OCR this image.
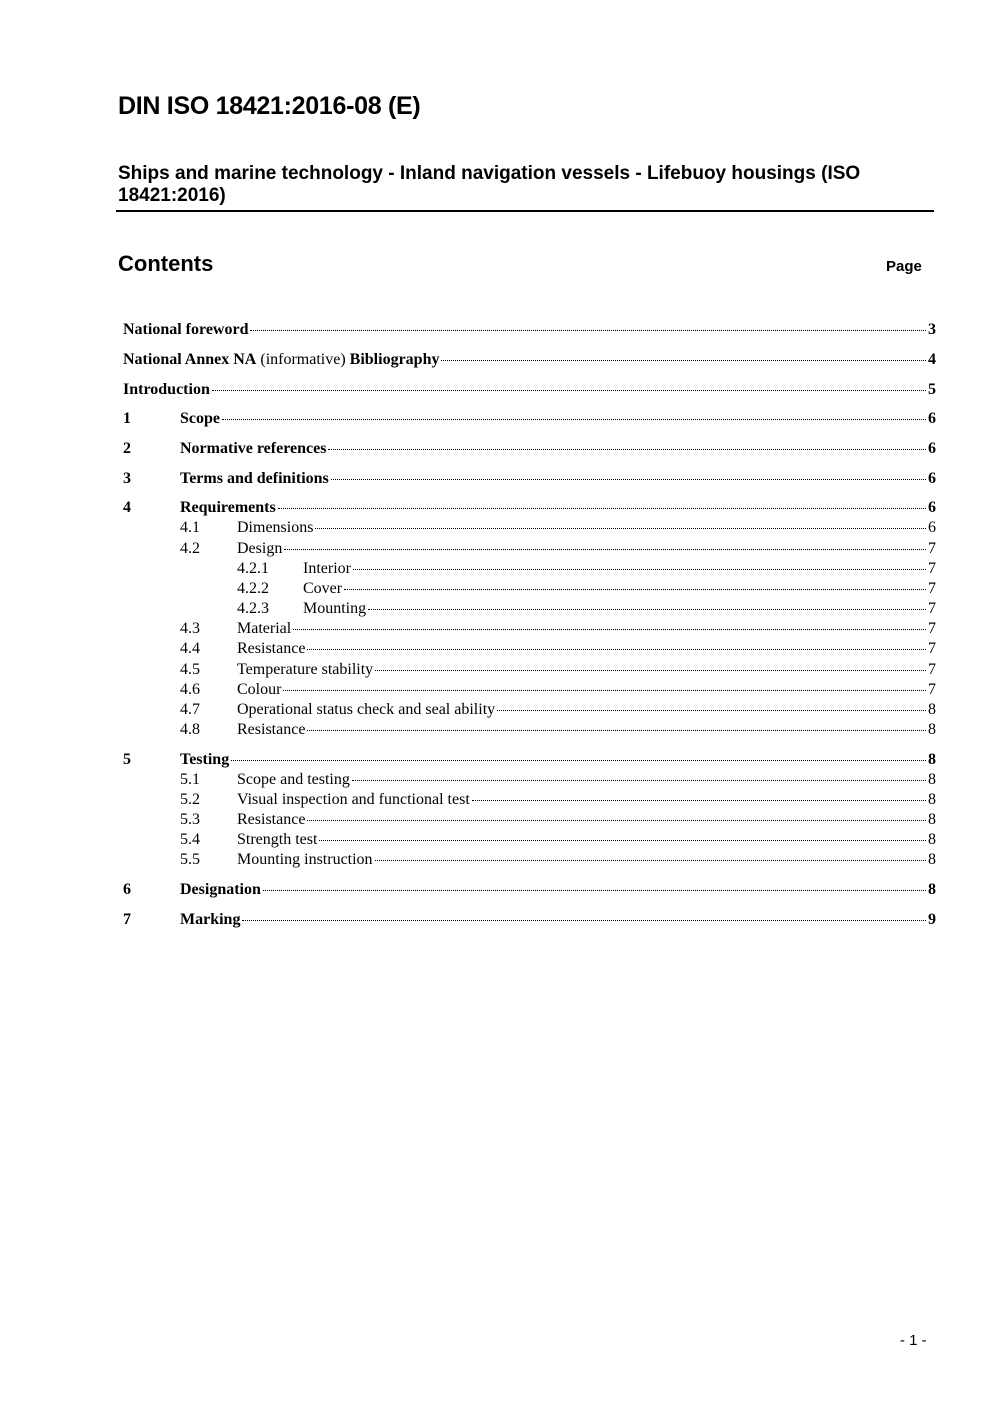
DIN ISO 18421:2016-08 (E)
Ships and marine technology - Inland navigation vessels - Lifebuoy housings (ISO 18421:2016)
Contents	Page
National foreword	3
National Annex NA (informative) Bibliography	4
Introduction	5
1	Scope	6
2	Normative references	6
3	Terms and definitions	6
4	Requirements	6
4.1	Dimensions	6
4.2	Design	7
4.2.1	Interior	7
4.2.2	Cover	7
4.2.3	Mounting	7
4.3	Material	7
4.4	Resistance	7
4.5	Temperature stability	7
4.6	Colour	7
4.7	Operational status check and seal ability	8
4.8	Resistance	8
5	Testing	8
5.1	Scope and testing	8
5.2	Visual inspection and functional test	8
5.3	Resistance	8
5.4	Strength test	8
5.5	Mounting instruction	8
6	Designation	8
7	Marking	9
- 1 -
